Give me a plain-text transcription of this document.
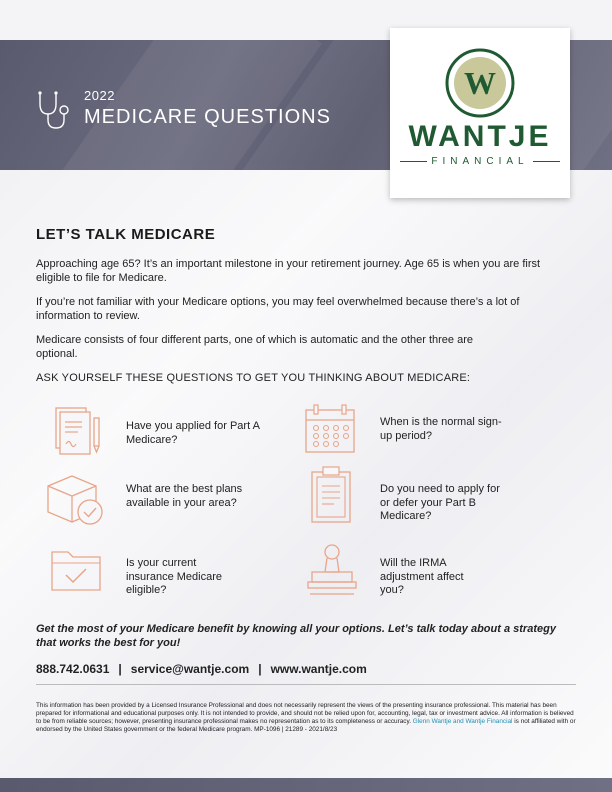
2022
MEDICARE QUESTIONS
W
WANTJE
FINANCIAL
LET’S TALK MEDICARE
Approaching age 65? It’s an important milestone in your retirement journey. Age 65 is when you are first eligible to file for Medicare.
If you’re not familiar with your Medicare options, you may feel overwhelmed because there’s a lot of information to review.
Medicare consists of four different parts, one of which is automatic and the other three are optional.
ASK YOURSELF THESE QUESTIONS TO GET YOU THINKING ABOUT MEDICARE:
Have you applied for Part A Medicare?
When is the normal sign-up period?
What are the best plans available in your area?
Do you need to apply for or defer your Part B Medicare?
Is your current insurance Medicare eligible?
Will the IRMA adjustment affect you?
Get the most of your Medicare benefit by knowing all your options. Let’s talk today about a strategy that works the best for you!
888.742.0631 | service@wantje.com | www.wantje.com
This information has been provided by a Licensed Insurance Professional and does not necessarily represent the views of the presenting insurance professional. This material has been prepared for informational and educational purposes only. It is not intended to provide, and should not be relied upon for, accounting, legal, tax or investment advice. All information is believed to be from reliable sources; however, presenting insurance professional makes no representation as to its completeness or accuracy. Glenn Wantje and Wantje Financial is not affiliated with or endorsed by the United States government or the federal Medicare program. MP-1096 | 21289 - 2021/8/23
